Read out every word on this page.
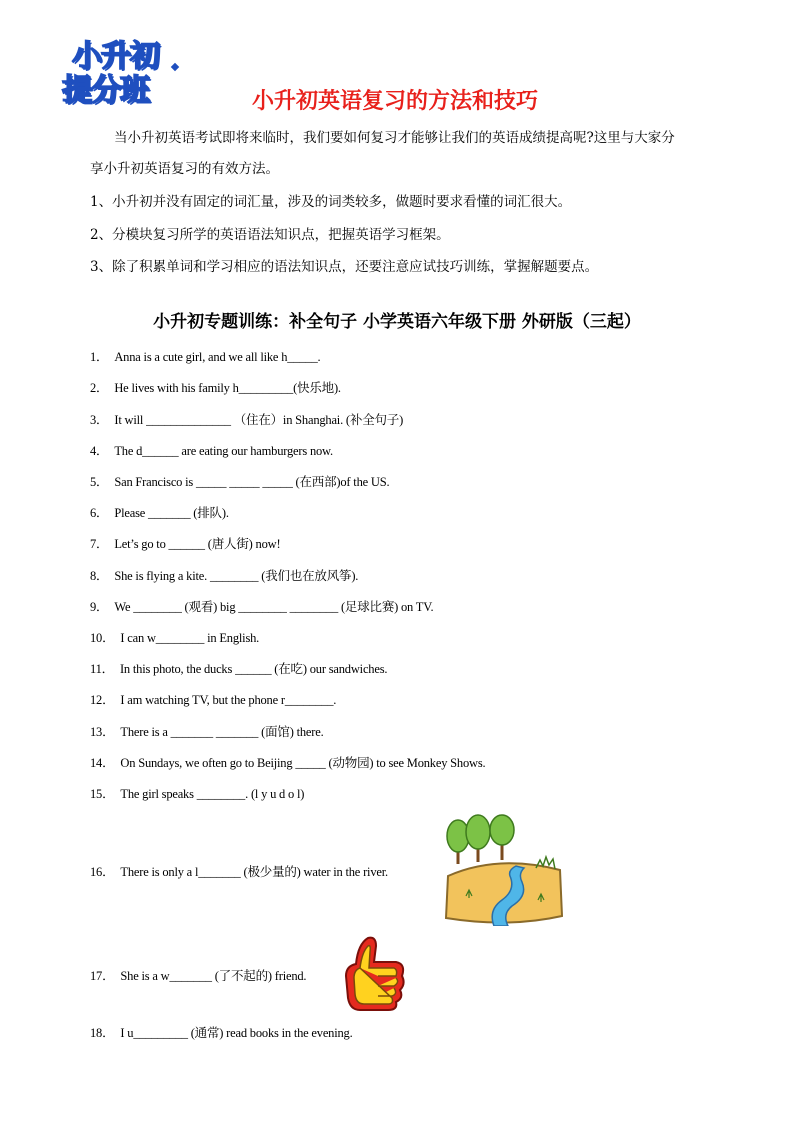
小升初
提分班	小升初英语复习的方法和技巧
当小升初英语考试即将来临时，我们要如何复习才能够让我们的英语成绩提高呢?这里与大家分
享小升初英语复习的有效方法。
1、小升初并没有固定的词汇量，涉及的词类较多，做题时要求看懂的词汇很大。
2、分模块复习所学的英语语法知识点，把握英语学习框架。
3、除了积累单词和学习相应的语法知识点，还要注意应试技巧训练，掌握解题要点。
小升初专题训练：补全句子 小学英语六年级下册 外研版（三起）
1． Anna is a cute girl, and we all like h_____.
2． He lives with his family h_________(快乐地).
3． It will ______________ （住在）in Shanghai. (补全句子)
4． The d______ are eating our hamburgers now.
5． San Francisco is _____ _____ _____ (在西部)of the US.
6． Please _______ (排队).
7． Let’s go to ______ (唐人街) now!
8． She is flying a kite. ________ (我们也在放风筝).
9． We ________ (观看) big ________ ________ (足球比赛) on TV.
10． I can w________ in English.
11． In this photo, the ducks ______ (在吃) our sandwiches.
12． I am watching TV, but the phone r________.
13． There is a _______ _______ (面馆) there.
14． On Sundays, we often go to Beijing _____ (动物园) to see Monkey Shows.
15． The girl speaks ________. (l y u d o l)
16． There is only a l_______ (极少量的) water in the river.
17． She is a w_______ (了不起的) friend.
18． I u_________ (通常) read books in the evening.
